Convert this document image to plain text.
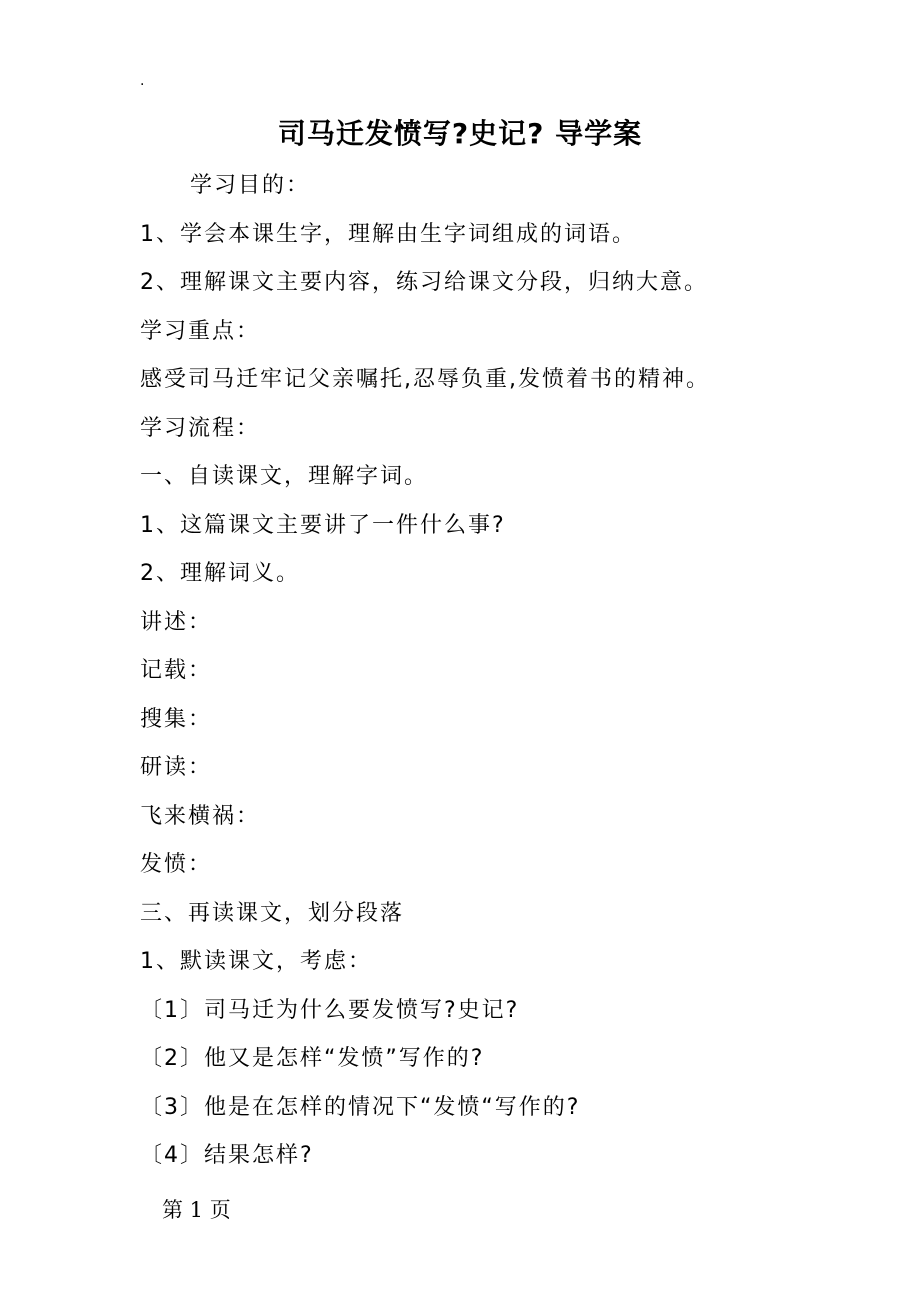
.
司马迁发愤写?史记? 导学案
学习目的：
1、学会本课生字，理解由生字词组成的词语。
2、理解课文主要内容，练习给课文分段，归纳大意。
学习重点：
感受司马迁牢记父亲嘱托,忍辱负重,发愤着书的精神。
学习流程：
一、自读课文，理解字词。
1、这篇课文主要讲了一件什么事?
2、理解词义。
讲述：
记载：
搜集：
研读：
飞来横祸：
发愤：
三、再读课文，划分段落
1、默读课文，考虑：
〔1〕司马迁为什么要发愤写?史记?
〔2〕他又是怎样“发愤”写作的?
〔3〕他是在怎样的情况下“发愤“写作的?
〔4〕结果怎样?
第 1 页
